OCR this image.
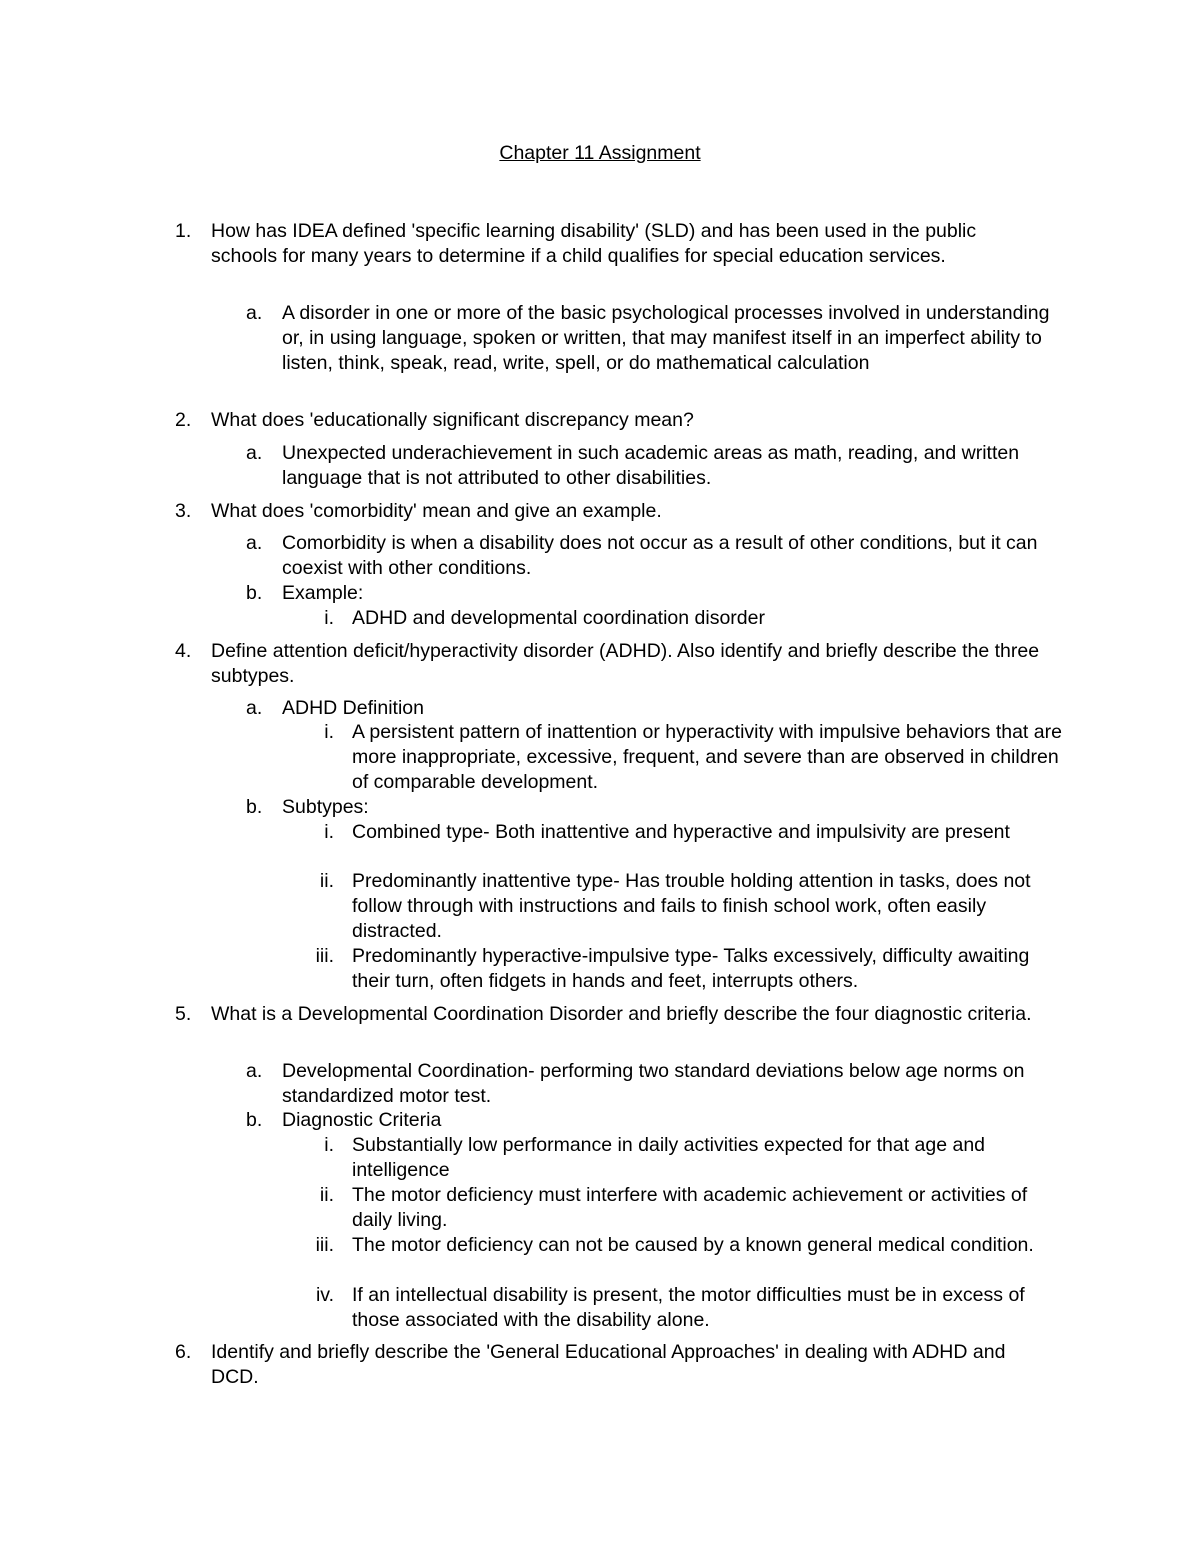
Chapter 11 Assignment
1. How has IDEA defined 'specific learning disability' (SLD) and has been used in the public schools for many years to determine if a child qualifies for special education services.
a. A disorder in one or more of the basic psychological processes involved in understanding or, in using language, spoken or written, that may manifest itself in an imperfect ability to listen, think, speak, read, write, spell, or do mathematical calculation
2. What does 'educationally significant discrepancy mean?
a. Unexpected underachievement in such academic areas as math, reading, and written language that is not attributed to other disabilities.
3. What does 'comorbidity' mean and give an example.
a. Comorbidity is when a disability does not occur as a result of other conditions, but it can coexist with other conditions.
b. Example:
i. ADHD and developmental coordination disorder
4. Define attention deficit/hyperactivity disorder (ADHD). Also identify and briefly describe the three subtypes.
a. ADHD Definition
i. A persistent pattern of inattention or hyperactivity with impulsive behaviors that are more inappropriate, excessive, frequent, and severe than are observed in children of comparable development.
b. Subtypes:
i. Combined type- Both inattentive and hyperactive and impulsivity are present
ii. Predominantly inattentive type- Has trouble holding attention in tasks, does not follow through with instructions and fails to finish school work, often easily distracted.
iii. Predominantly hyperactive-impulsive type- Talks excessively, difficulty awaiting their turn, often fidgets in hands and feet, interrupts others.
5. What is a Developmental Coordination Disorder and briefly describe the four diagnostic criteria.
a. Developmental Coordination- performing two standard deviations below age norms on standardized motor test.
b. Diagnostic Criteria
i. Substantially low performance in daily activities expected for that age and intelligence
ii. The motor deficiency must interfere with academic achievement or activities of daily living.
iii. The motor deficiency can not be caused by a known general medical condition.
iv. If an intellectual disability is present, the motor difficulties must be in excess of those associated with the disability alone.
6. Identify and briefly describe the 'General Educational Approaches' in dealing with ADHD and DCD.
